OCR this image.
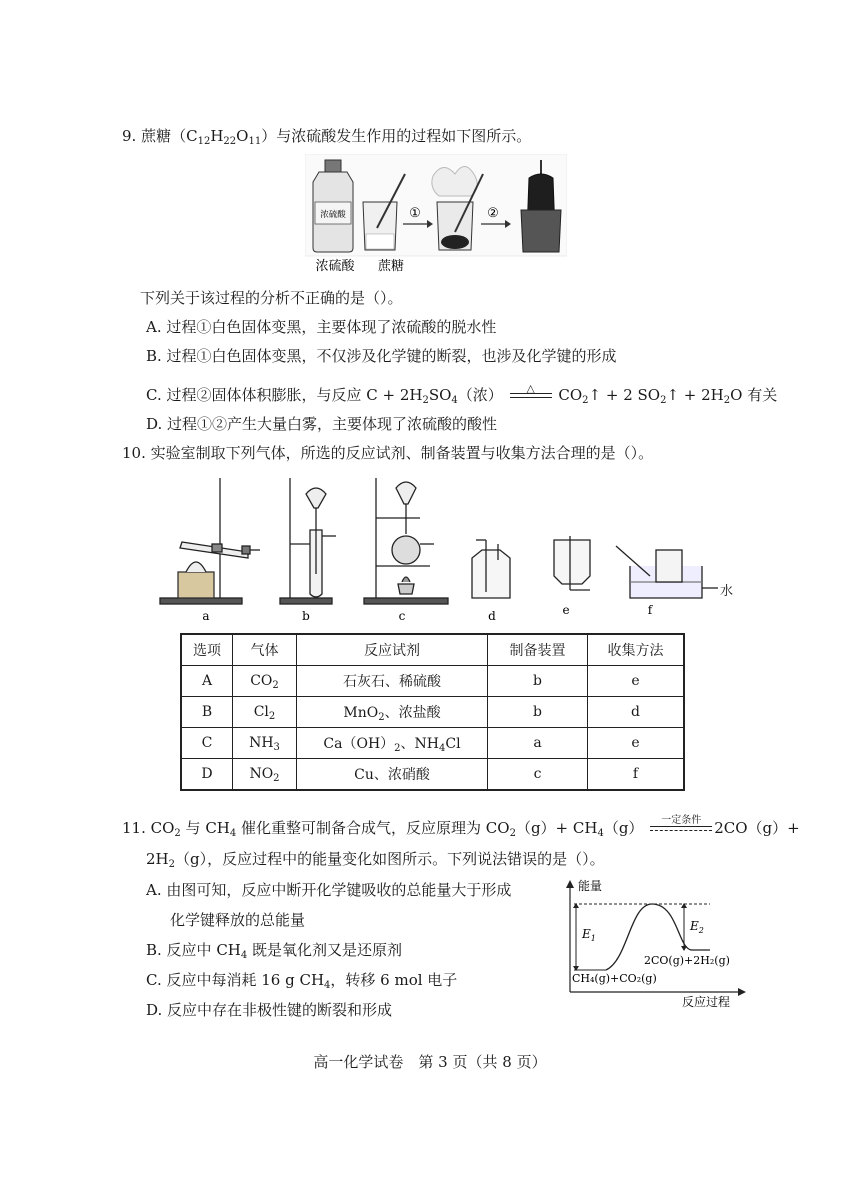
9. 蔗糖$(C_{12}H_{22}O_{11})$与浓硫酸发生作用的过程如下图所示。
浓硫酸	①	②
浓硫酸 蔗糖
下列关于该过程的分析不正确的是（）。
A. 过程①白色固体变黑，主要体现了浓硫酸的脱水性
B. 过程①白色固体变黑，不仅涉及化学键的断裂，也涉及化学键的形成
C. 过程②固体体积膨胀，与反应 $C + 2H_2SO_4$（浓）	△	$CO_2↑ + 2$ $SO_2↑ + 2H_2O$ 有关
D. 过程①②产生大量白雾，主要体现了浓硫酸的酸性
10. 实验室制取下列气体，所选的反应试剂、制备装置与收集方法合理的是（）。
a	b	c	d	e	f
水
选项	气体	反应试剂	制备装置	收集方法
A	$CO_2$	石灰石、稀硫酸	b	e
B	$Cl_2$	MnO$_2$、浓盐酸	b	d
C	$NH_3$	$Ca(OH)_2$、$NH_4Cl$	a	e
D	$NO_2$	Cu、浓硝酸	c	f
11. $CO_2$ 与 $CH_4$ 催化重整可制备合成气，反应原理为 $CO_2(g)+ CH_4(g)$	一定条件 2CO（g）+
$2H_2(g)$，反应过程中的能量变化如图所示。下列说法错误的是（）。
A. 由图可知，反应中断开化学键吸收的总能量大于形成
化学键释放的总能量
B. 反应中 $CH_4$ 既是氧化剂又是还原剂
C. 反应中每消耗 16 g $CH_4$，转移 6 mol 电子
D. 反应中存在非极性键的断裂和形成
能量
反应过程
$E_1$
$E_2$
2CO(g)+2H₂(g)
CH₄(g)+CO₂(g)
高一化学试卷　第 3 页（共 8 页）
